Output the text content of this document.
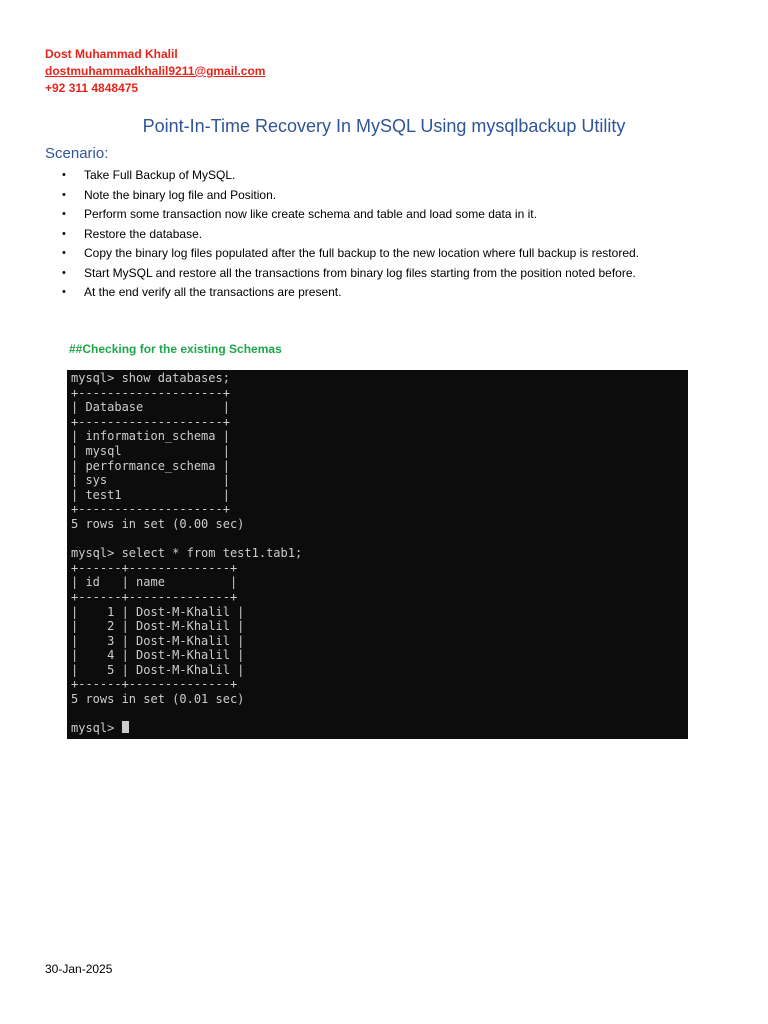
Dost Muhammad Khalil
dostmuhammadkhalil9211@gmail.com
+92 311 4848475
Point-In-Time Recovery In MySQL Using mysqlbackup Utility
Scenario:
• Take Full Backup of MySQL.
• Note the binary log file and Position.
• Perform some transaction now like create schema and table and load some data in it.
• Restore the database.
• Copy the binary log files populated after the full backup to the new location where full backup is restored.
• Start MySQL and restore all the transactions from binary log files starting from the position noted before.
• At the end verify all the transactions are present.
##Checking for the existing Schemas
mysql> show databases;
+--------------------+
| Database           |
+--------------------+
| information_schema |
| mysql              |
| performance_schema |
| sys                |
| test1              |
+--------------------+
5 rows in set (0.00 sec)

mysql> select * from test1.tab1;
+------+--------------+
| id   | name         |
+------+--------------+
|    1 | Dost-M-Khalil |
|    2 | Dost-M-Khalil |
|    3 | Dost-M-Khalil |
|    4 | Dost-M-Khalil |
|    5 | Dost-M-Khalil |
+------+--------------+
5 rows in set (0.01 sec)

mysql>
30-Jan-2025
